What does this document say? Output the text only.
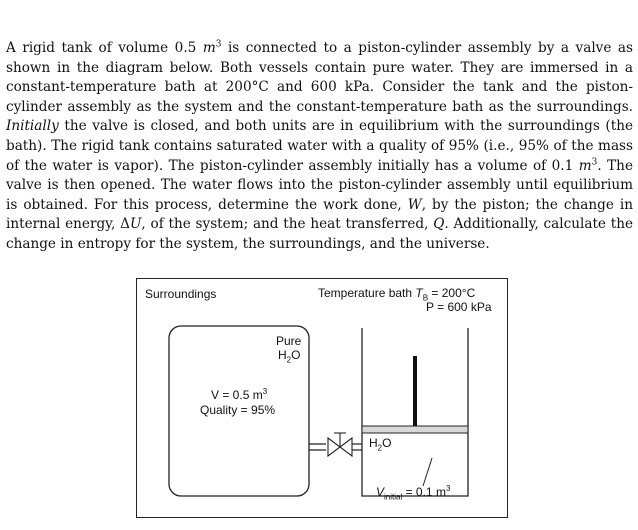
A rigid tank of volume 0.5 $m^3$ is connected to a piston-cylinder assembly by a valve as shown in the diagram below. Both vessels contain pure water. They are immersed in a constant-temperature bath at 200°C and 600 kPa. Consider the tank and the piston-cylinder assembly as the system and the constant-temperature bath as the surroundings. Initially the valve is closed, and both units are in equilibrium with the surroundings (the bath). The rigid tank contains saturated water with a quality of 95% (i.e., 95% of the mass of the water is vapor). The piston-cylinder assembly initially has a volume of 0.1 $m^3$. The valve is then opened. The water flows into the piston-cylinder assembly until equilibrium is obtained. For this process, determine the work done, W, by the piston; the change in internal energy, ΔU, of the system; and the heat transferred, Q. Additionally, calculate the change in entropy for the system, the surroundings, and the universe.
Surroundings	Temperature bath $T_B = 200^\circ C$
P = 600 kPa
Pure
$H_2O$
V = 0.5 $m^3$
Quality = 95%
$H_2O$
$V_{initial} = 0.1$ $m^3$
